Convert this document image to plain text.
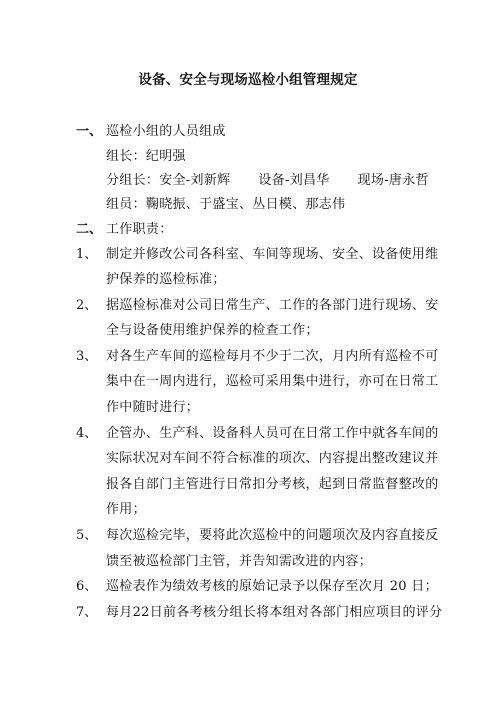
设备、安全与现场巡检小组管理规定
一、 巡检小组的人员组成
组长：纪明强
分组长：安全-刘新辉 设备-刘昌华 现场-唐永哲
组员：鞠晓振、于盛宝、丛日模、那志伟
二、 工作职责：
1、 制定并修改公司各科室、车间等现场、安全、设备使用维
护保养的巡检标准；
2、 据巡检标准对公司日常生产、工作的各部门进行现场、安
全与设备使用维护保养的检查工作；
3、 对各生产车间的巡检每月不少于二次，月内所有巡检不可
集中在一周内进行，巡检可采用集中进行，亦可在日常工
作中随时进行；
4、 企管办、生产科、设备科人员可在日常工作中就各车间的
实际状况对车间不符合标准的项次、内容提出整改建议并
报各自部门主管进行日常扣分考核，起到日常监督整改的
作用；
5、 每次巡检完毕，要将此次巡检中的问题项次及内容直接反
馈至被巡检部门主管，并告知需改进的内容；
6、 巡检表作为绩效考核的原始记录予以保存至次月 20 日；
7、 每月22日前各考核分组长将本组对各部门相应项目的评分
